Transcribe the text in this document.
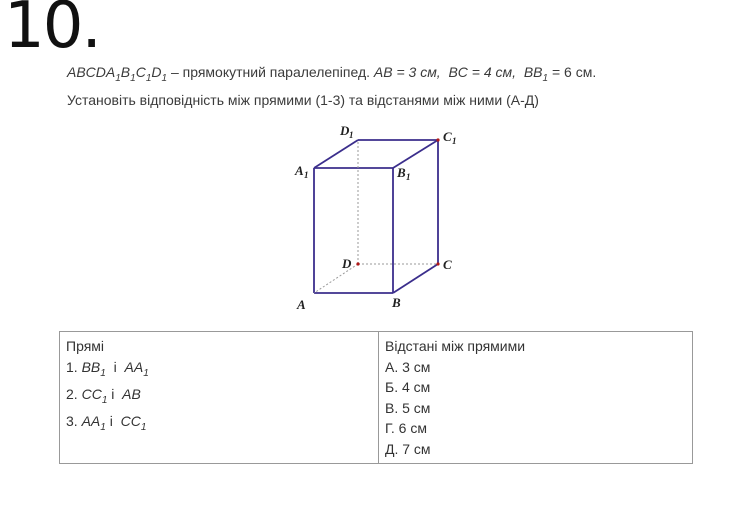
10.
$ABCDA_1B_1C_1D_1$ – прямокутний паралелепіпед. AB = 3 см, BC = 4 см, $BB_1 = 6$ см.
Установіть відповідність між прямими (1-3) та відстанями між ними (А-Д)
A	B
C
D
A 1	B 1
C 1
D 1
Прямі
1. $BB_1$  і  $AA_1$
2. $CC_1$ і  AB
3. $AA_1$ і  $CC_1$

Відстані між прямими
А. 3 см
Б. 4 см
В. 5 см
Г. 6 см
Д. 7 см
